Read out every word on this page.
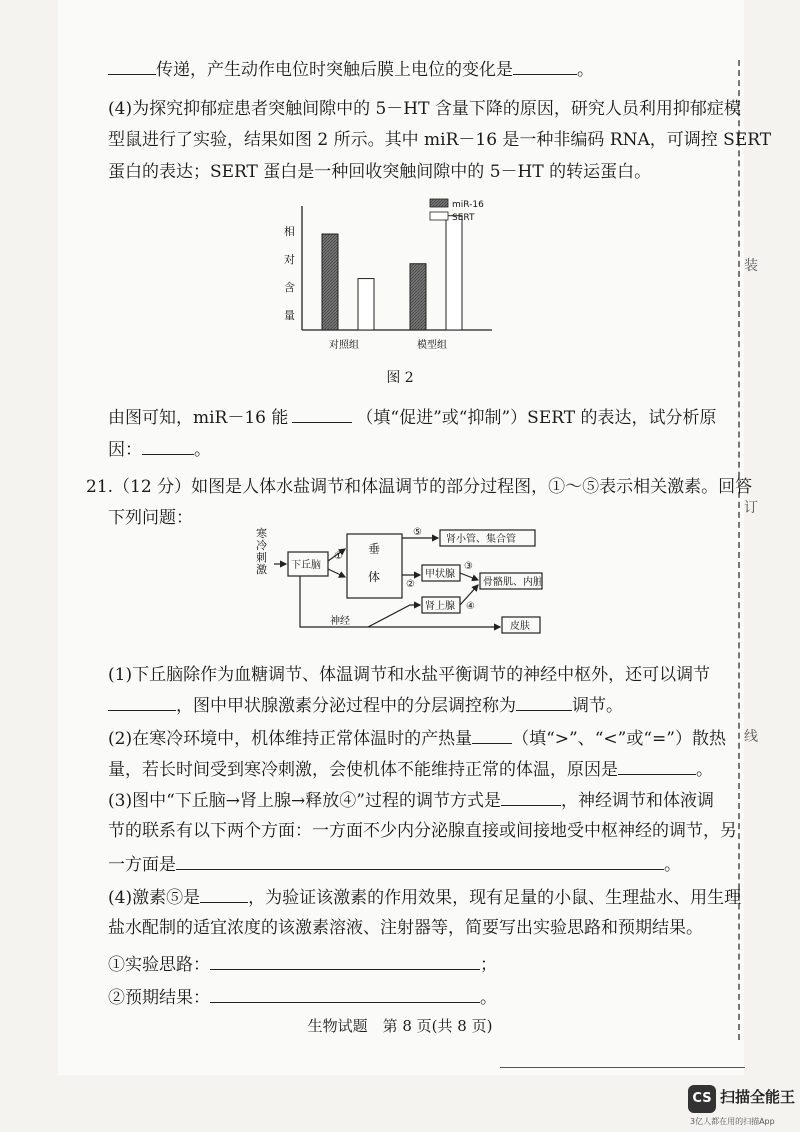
装
订
线
传递，产生动作电位时突触后膜上电位的变化是	。
(4)为探究抑郁症患者突触间隙中的 5－HT 含量下降的原因，研究人员利用抑郁症模
型鼠进行了实验，结果如图 2 所示。其中 miR－16 是一种非编码 RNA，可调控 SERT
蛋白的表达；SERT 蛋白是一种回收突触间隙中的 5－HT 的转运蛋白。
相
对
含
量
对照组	模型组
miR-16
SERT
图 2
由图可知，miR－16 能	（填“促进”或“抑制”）SERT 的表达，试分析原
因：	。
21.（12 分）如图是人体水盐调节和体温调节的部分过程图，①～⑤表示相关激素。回答
下列问题：
寒
冷
刺
激 下丘脑
垂
体
肾小管、集合管
甲状腺
肾上腺
骨骼肌、内脏
皮肤
神经
①
②
③
④
⑤
(1)下丘脑除作为血糖调节、体温调节和水盐平衡调节的神经中枢外，还可以调节
，图中甲状腺激素分泌过程中的分层调控称为	调节。
(2)在寒冷环境中，机体维持正常体温时的产热量 （填“>”、“<”或“=”）散热
量，若长时间受到寒冷刺激，会使机体不能维持正常的体温，原因是	。
(3)图中“下丘脑→肾上腺→释放④”过程的调节方式是	，神经调节和体液调
节的联系有以下两个方面：一方面不少内分泌腺直接或间接地受中枢神经的调节，另
一方面是	。
(4)激素⑤是	，为验证该激素的作用效果，现有足量的小鼠、生理盐水、用生理
盐水配制的适宜浓度的该激素溶液、注射器等，简要写出实验思路和预期结果。
①实验思路：	；
②预期结果：	。
生物试题　第 8 页(共 8 页)
CS 扫描全能王
3亿人都在用的扫描App
